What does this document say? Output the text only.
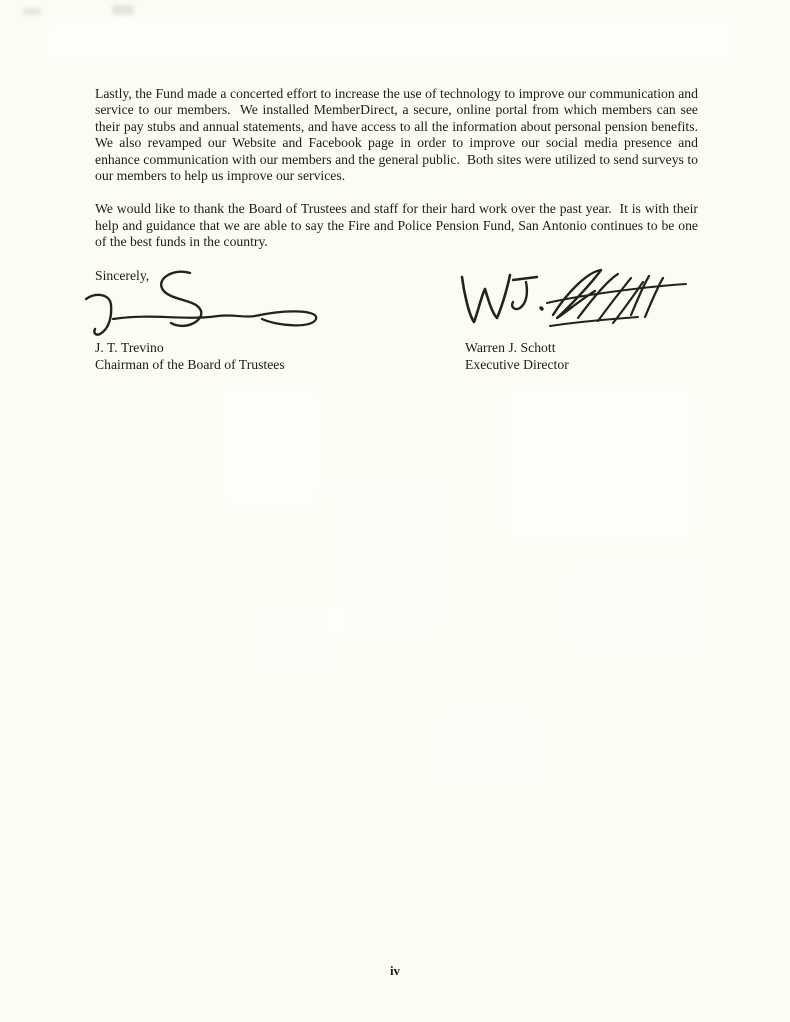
Lastly, the Fund made a concerted effort to increase the use of technology to improve our communication and service to our members.  We installed MemberDirect, a secure, online portal from which members can see their pay stubs and annual statements, and have access to all the information about personal pension benefits.  We also revamped our Website and Facebook page in order to improve our social media presence and enhance communication with our members and the general public.  Both sites were utilized to send surveys to our members to help us improve our services.

We would like to thank the Board of Trustees and staff for their hard work over the past year.  It is with their help and guidance that we are able to say the Fire and Police Pension Fund, San Antonio continues to be one of the best funds in the country.

Sincerely,
J. T. Trevino
Chairman of the Board of Trustees
Warren J. Schott
Executive Director
iv
